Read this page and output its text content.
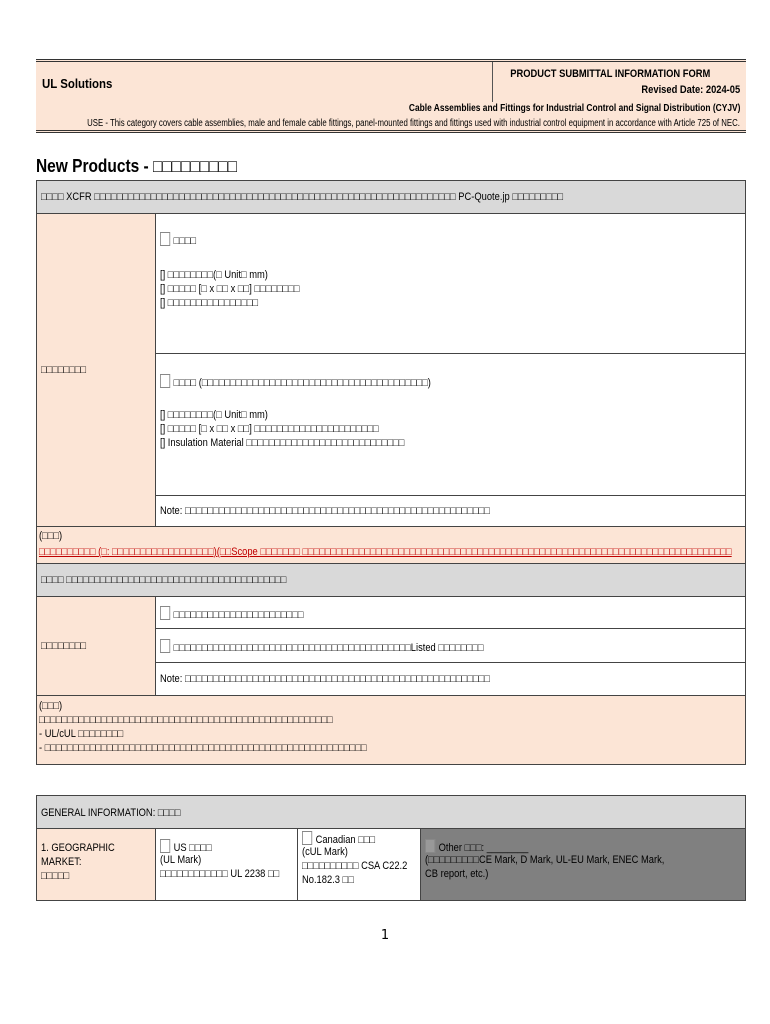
UL Solutions
PRODUCT SUBMITTAL INFORMATION FORM
Revised Date: 2024-05
Cable Assemblies and Fittings for Industrial Control and Signal Distribution (CYJV)
USE - This category covers cable assemblies, male and female cable fittings, panel-mounted fittings and fittings used with industrial control equipment in accordance with Article 725 of NEC.
New Products - □□□□□□□□□
□□□□ XCFR □□□□□□□□□□□□□□□□□□□□□□□□□□□□□□□□□□□□□□□□□□□□□□□□□□□□□□□□□□□□□□□□ PC-Quote.jp □□□□□□□□□
□□□□□□□□
□□□□
[] □□□□□□□□(□ Unit□ mm)
[] □□□□□ [□ x □□ x □□] □□□□□□□□
[] □□□□□□□□□□□□□□□□
□□□□ (□□□□□□□□□□□□□□□□□□□□□□□□□□□□□□□□□□□□□□□□)
[] □□□□□□□□(□ Unit□ mm)
[] □□□□□ [□ x □□ x □□] □□□□□□□□□□□□□□□□□□□□□□
[] Insulation Material □□□□□□□□□□□□□□□□□□□□□□□□□□□□
Note: □□□□□□□□□□□□□□□□□□□□□□□□□□□□□□□□□□□□□□□□□□□□□□□□□□□□□□
(□□□)
□□□□□□□□□□ (□: □□□□□□□□□□□□□□□□□□)(□□Scope □□□□□□□ □□□□□□□□□□□□□□□□□□□□□□□□□□□□□□□□□□□□□□□□□□□□□□□□□□□□□□□□□□□□□□□□□□□□□□□□□□□□
□□□□ □□□□□□□□□□□□□□□□□□□□□□□□□□□□□□□□□□□□□□□
□□□□□□□□
□□□□□□□□□□□□□□□□□□□□□□□
□□□□□□□□□□□□□□□□□□□□□□□□□□□□□□□□□□□□□□□□□□Listed □□□□□□□□
Note: □□□□□□□□□□□□□□□□□□□□□□□□□□□□□□□□□□□□□□□□□□□□□□□□□□□□□□
(□□□)
□□□□□□□□□□□□□□□□□□□□□□□□□□□□□□□□□□□□□□□□□□□□□□□□□□□□
- UL/cUL □□□□□□□□
- □□□□□□□□□□□□□□□□□□□□□□□□□□□□□□□□□□□□□□□□□□□□□□□□□□□□□□□□□
GENERAL INFORMATION: □□□□
1. GEOGRAPHIC
MARKET:
□□□□□
US □□□□
(UL Mark)
□□□□□□□□□□□□ UL 2238 □□
Canadian □□□
(cUL Mark)
□□□□□□□□□□ CSA C22.2
No.182.3 □□
Other □□□: ________
(□□□□□□□□□CE Mark, D Mark, UL-EU Mark, ENEC Mark,
CB report, etc.)
1
